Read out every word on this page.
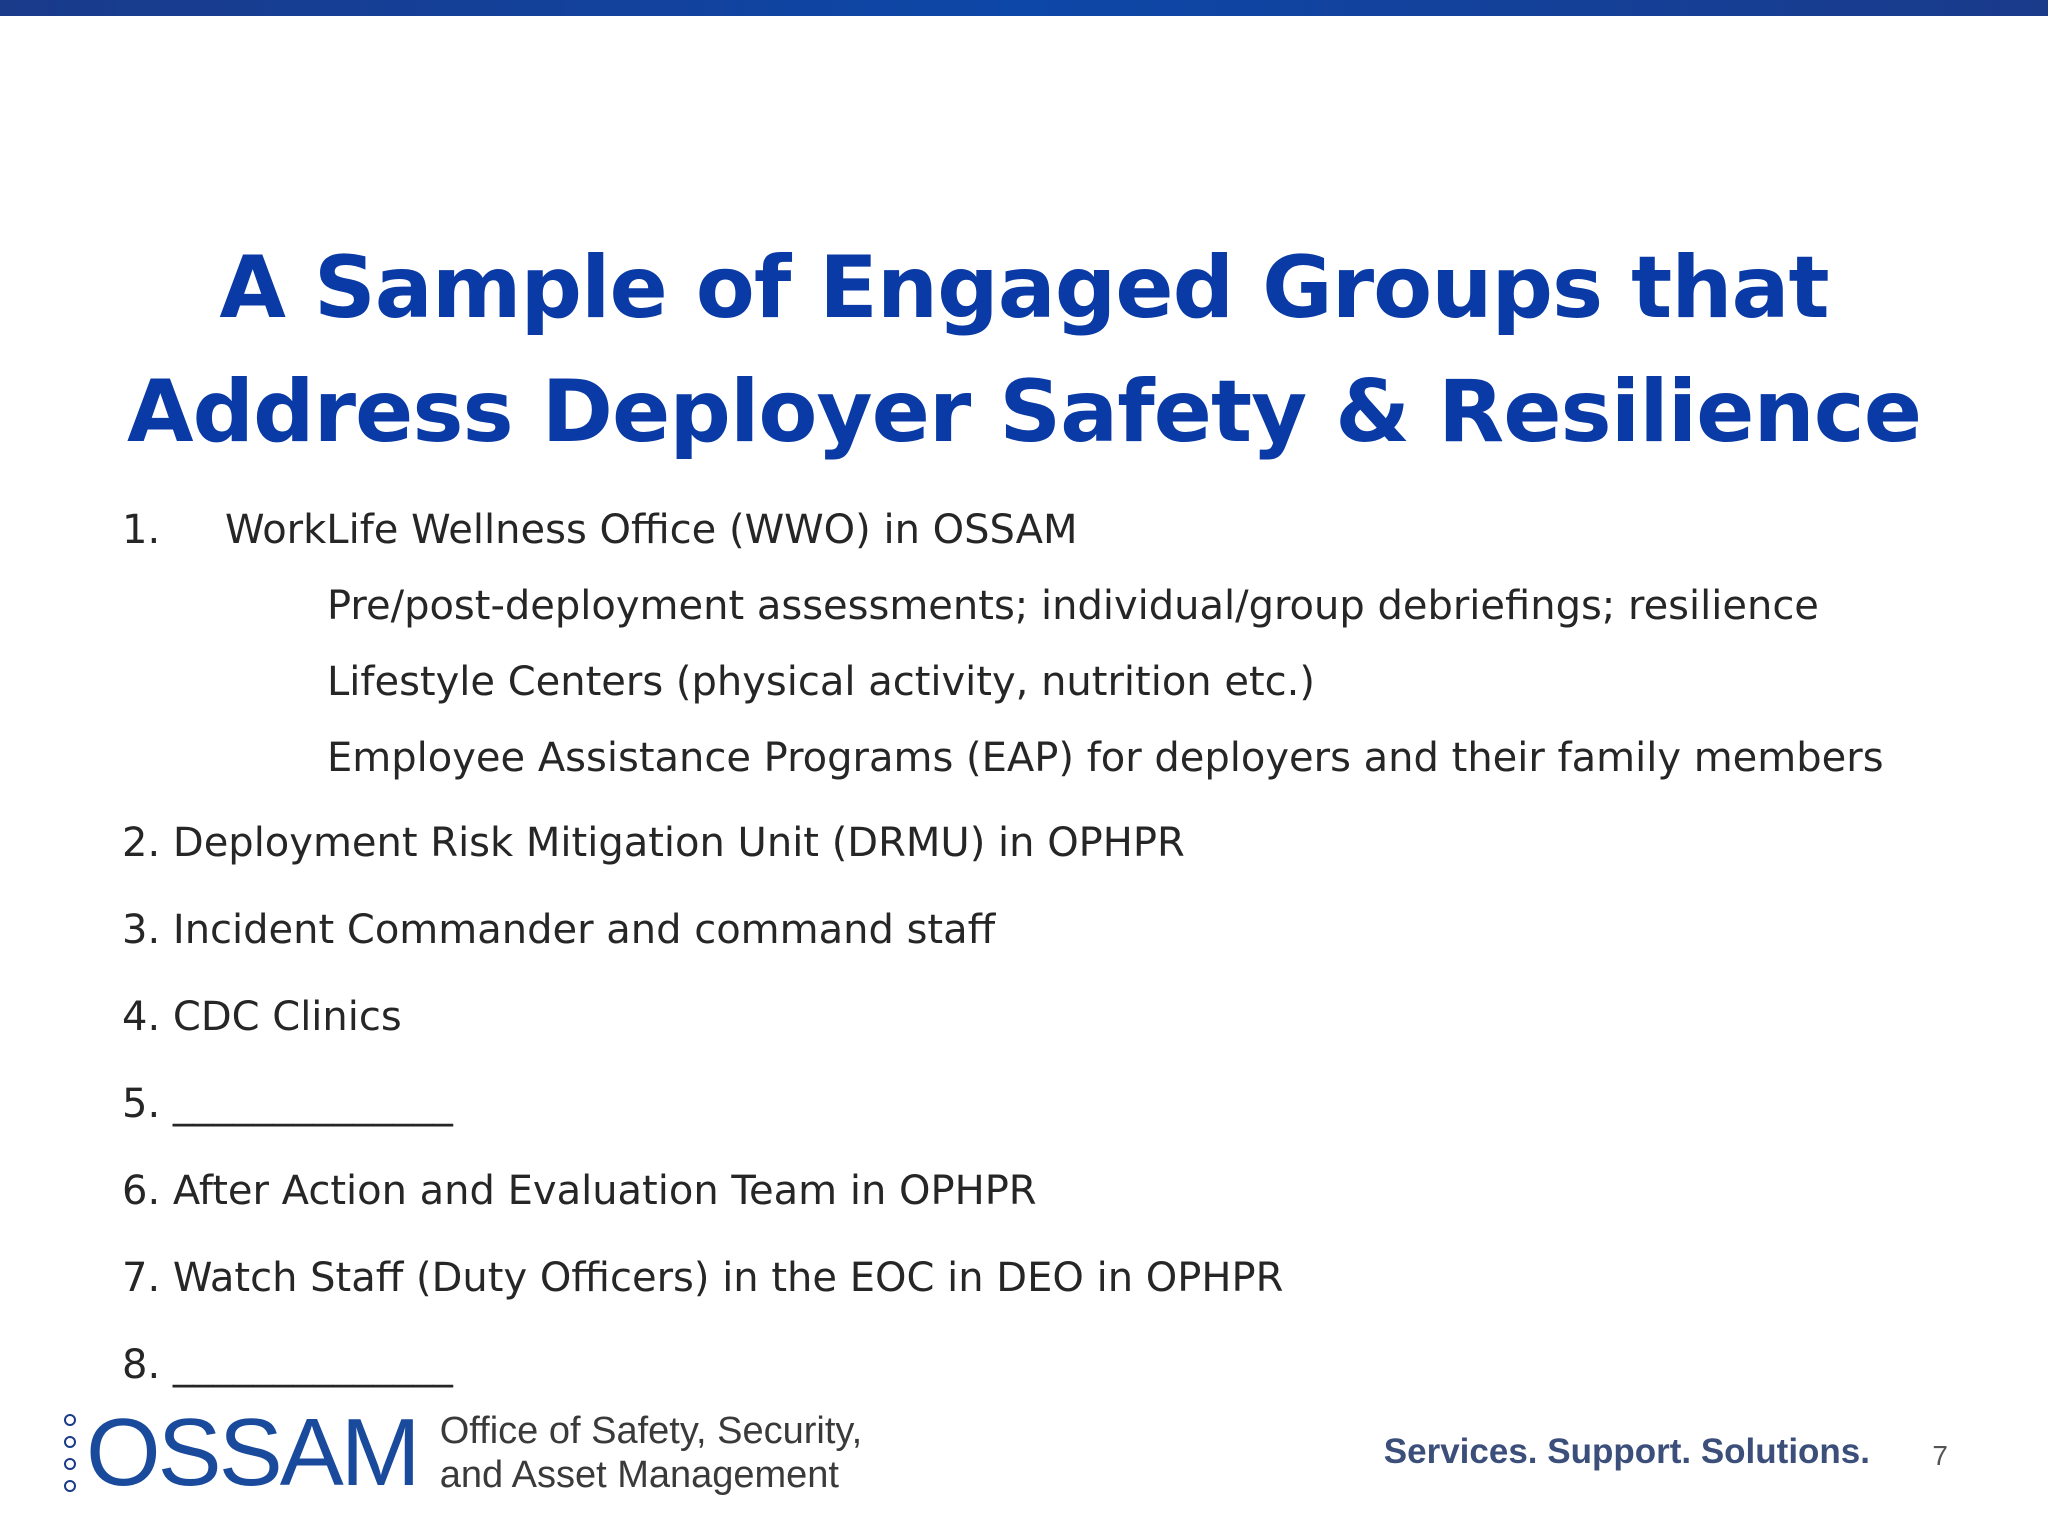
A Sample of Engaged Groups that
Address Deployer Safety & Resilience
1. WorkLife Wellness Office (WWO) in OSSAM
Pre/post-deployment assessments; individual/group debriefings; resilience
Lifestyle Centers (physical activity, nutrition etc.)
Employee Assistance Programs (EAP) for deployers and their family members
2. Deployment Risk Mitigation Unit (DRMU) in OPHPR
3. Incident Commander and command staff
4. CDC Clinics
5. ______________
6. After Action and Evaluation Team in OPHPR
7. Watch Staff (Duty Officers) in the EOC in DEO in OPHPR
8. ______________
OSSAM Office of Safety, Security,
and Asset Management
Services. Support. Solutions. 7
